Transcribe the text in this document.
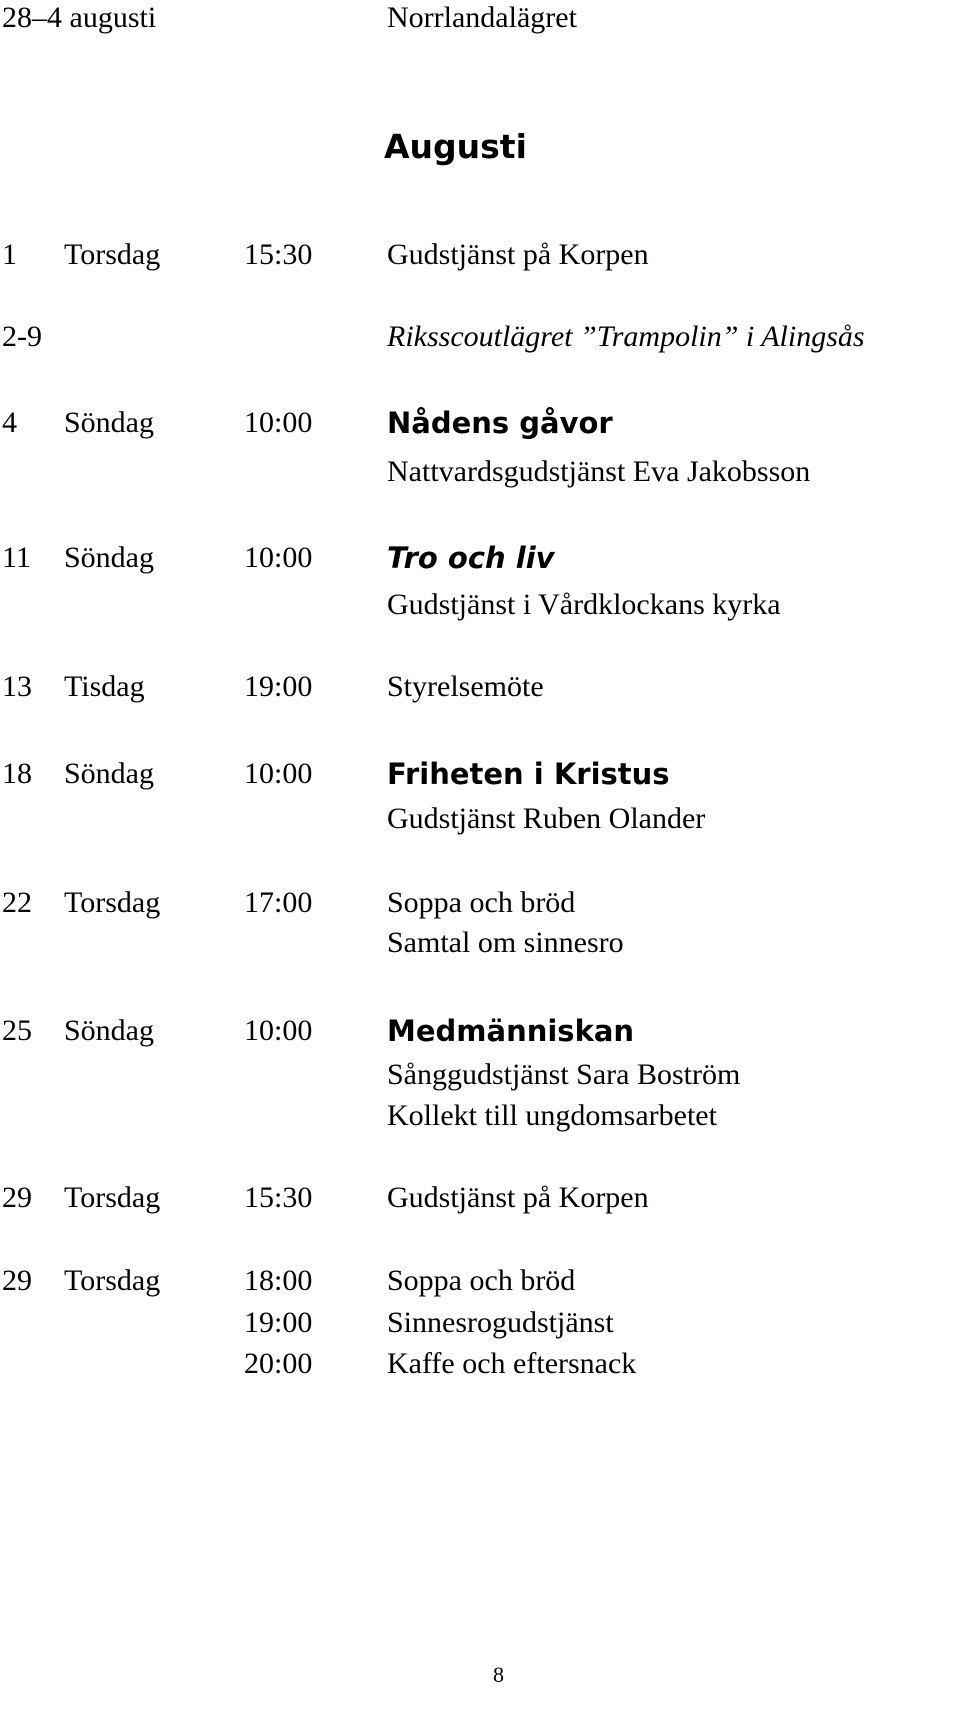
28–4 augusti	Norrlandalägret
Augusti
1 Torsdag	15:30 Gudstjänst på Korpen
2-9	Riksscoutlägret ”Trampolin” i Alingsås
4 Söndag	10:00	Nådens gåvor
Nattvardsgudstjänst Eva Jakobsson
11 Söndag	10:00	Tro och liv
Gudstjänst i Vårdklockans kyrka
13 Tisdag	19:00 Styrelsemöte
18 Söndag	10:00	Friheten i Kristus
Gudstjänst Ruben Olander
22 Torsdag	17:00 Soppa och bröd
Samtal om sinnesro
25 Söndag	10:00	Medmänniskan
Sånggudstjänst Sara Boström
Kollekt till ungdomsarbetet
29 Torsdag	15:30 Gudstjänst på Korpen
29 Torsdag	18:00 Soppa och bröd
19:00 Sinnesrogudstjänst
20:00 Kaffe och eftersnack
8
